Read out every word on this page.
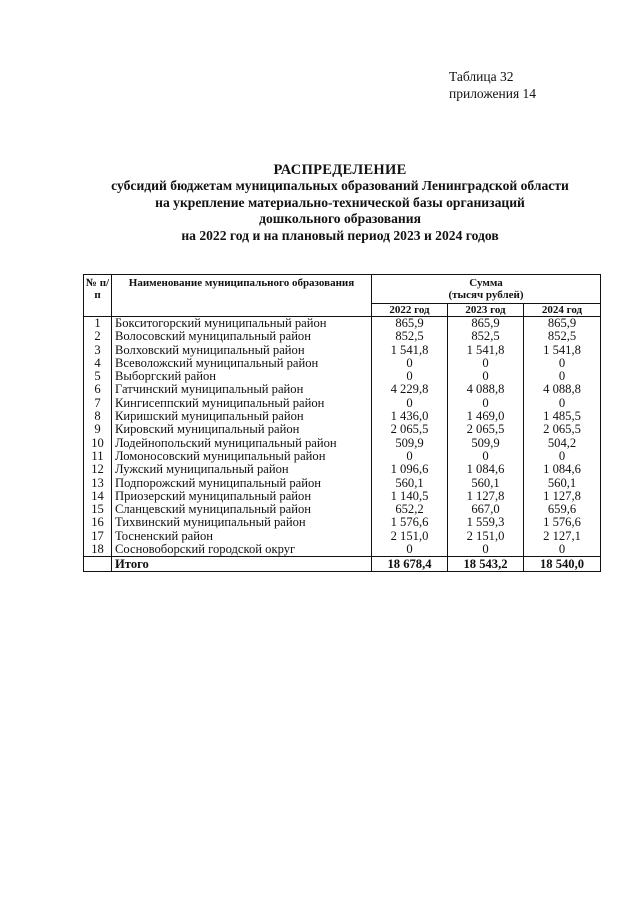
Таблица 32
приложения 14
РАСПРЕДЕЛЕНИЕ
субсидий бюджетам муниципальных образований Ленинградской области
на укрепление материально-технической базы организаций
дошкольного образования
на 2022 год и на плановый период 2023 и 2024 годов
№ п/п	Наименование муниципального образования	Сумма
(тысяч рублей)		

		2022 год	2023 год	2024 год
1	Бокситогорский муниципальный район	865,9	865,9	865,9
2	Волосовский муниципальный район	852,5	852,5	852,5
3	Волховский муниципальный район	1 541,8	1 541,8	1 541,8
4	Всеволожский муниципальный район	0	0	0
5	Выборгский район	0	0	0
6	Гатчинский муниципальный район	4 229,8	4 088,8	4 088,8
7	Кингисеппский муниципальный район	0	0	0
8	Киришский муниципальный район	1 436,0	1 469,0	1 485,5
9	Кировский муниципальный район	2 065,5	2 065,5	2 065,5
10	Лодейнопольский муниципальный район	509,9	509,9	504,2
11	Ломоносовский муниципальный район	0	0	0
12	Лужский муниципальный район	1 096,6	1 084,6	1 084,6
13	Подпорожский муниципальный район	560,1	560,1	560,1
14	Приозерский муниципальный район	1 140,5	1 127,8	1 127,8
15	Сланцевский муниципальный район	652,2	667,0	659,6
16	Тихвинский муниципальный район	1 576,6	1 559,3	1 576,6
17	Тосненский район	2 151,0	2 151,0	2 127,1
18	Сосновоборский городской округ	0	0	0
	Итого	18 678,4	18 543,2	18 540,0
